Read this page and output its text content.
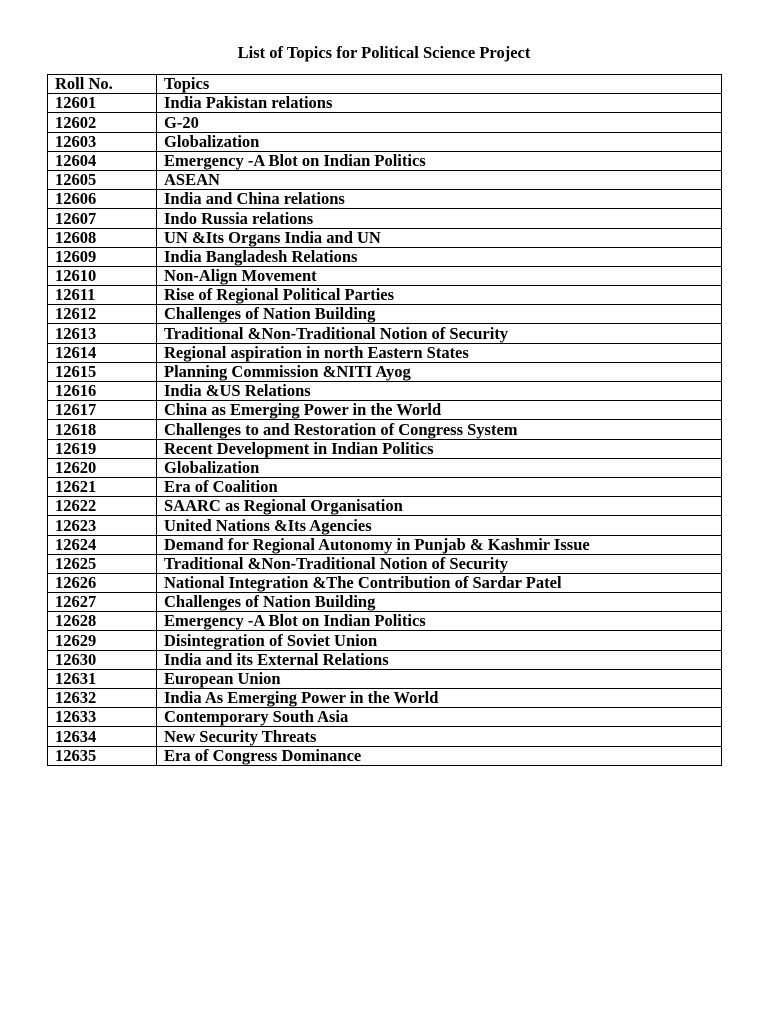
List of Topics for Political Science Project
Roll No.	Topics
12601	India Pakistan relations
12602	G-20
12603	Globalization
12604	Emergency -A Blot on Indian Politics
12605	ASEAN
12606	India and China relations
12607	Indo Russia relations
12608	UN &Its Organs India and UN
12609	India Bangladesh Relations
12610	Non-Align Movement
12611	Rise of Regional Political Parties
12612	Challenges of Nation Building
12613	Traditional &Non-Traditional Notion of Security
12614	Regional aspiration in north Eastern States
12615	Planning Commission &NITI Ayog
12616	India &US Relations
12617	China as Emerging Power in the World
12618	Challenges to and Restoration of Congress System
12619	Recent Development in Indian Politics
12620	Globalization
12621	Era of Coalition
12622	SAARC as Regional Organisation
12623	United Nations &Its Agencies
12624	Demand for Regional Autonomy in Punjab & Kashmir Issue
12625	Traditional &Non-Traditional Notion of Security
12626	National Integration &The Contribution of Sardar Patel
12627	Challenges of Nation Building
12628	Emergency -A Blot on Indian Politics
12629	Disintegration of Soviet Union
12630	India and its External Relations
12631	European Union
12632	India As Emerging Power in the World
12633	Contemporary South Asia
12634	New Security Threats
12635	Era of Congress Dominance
